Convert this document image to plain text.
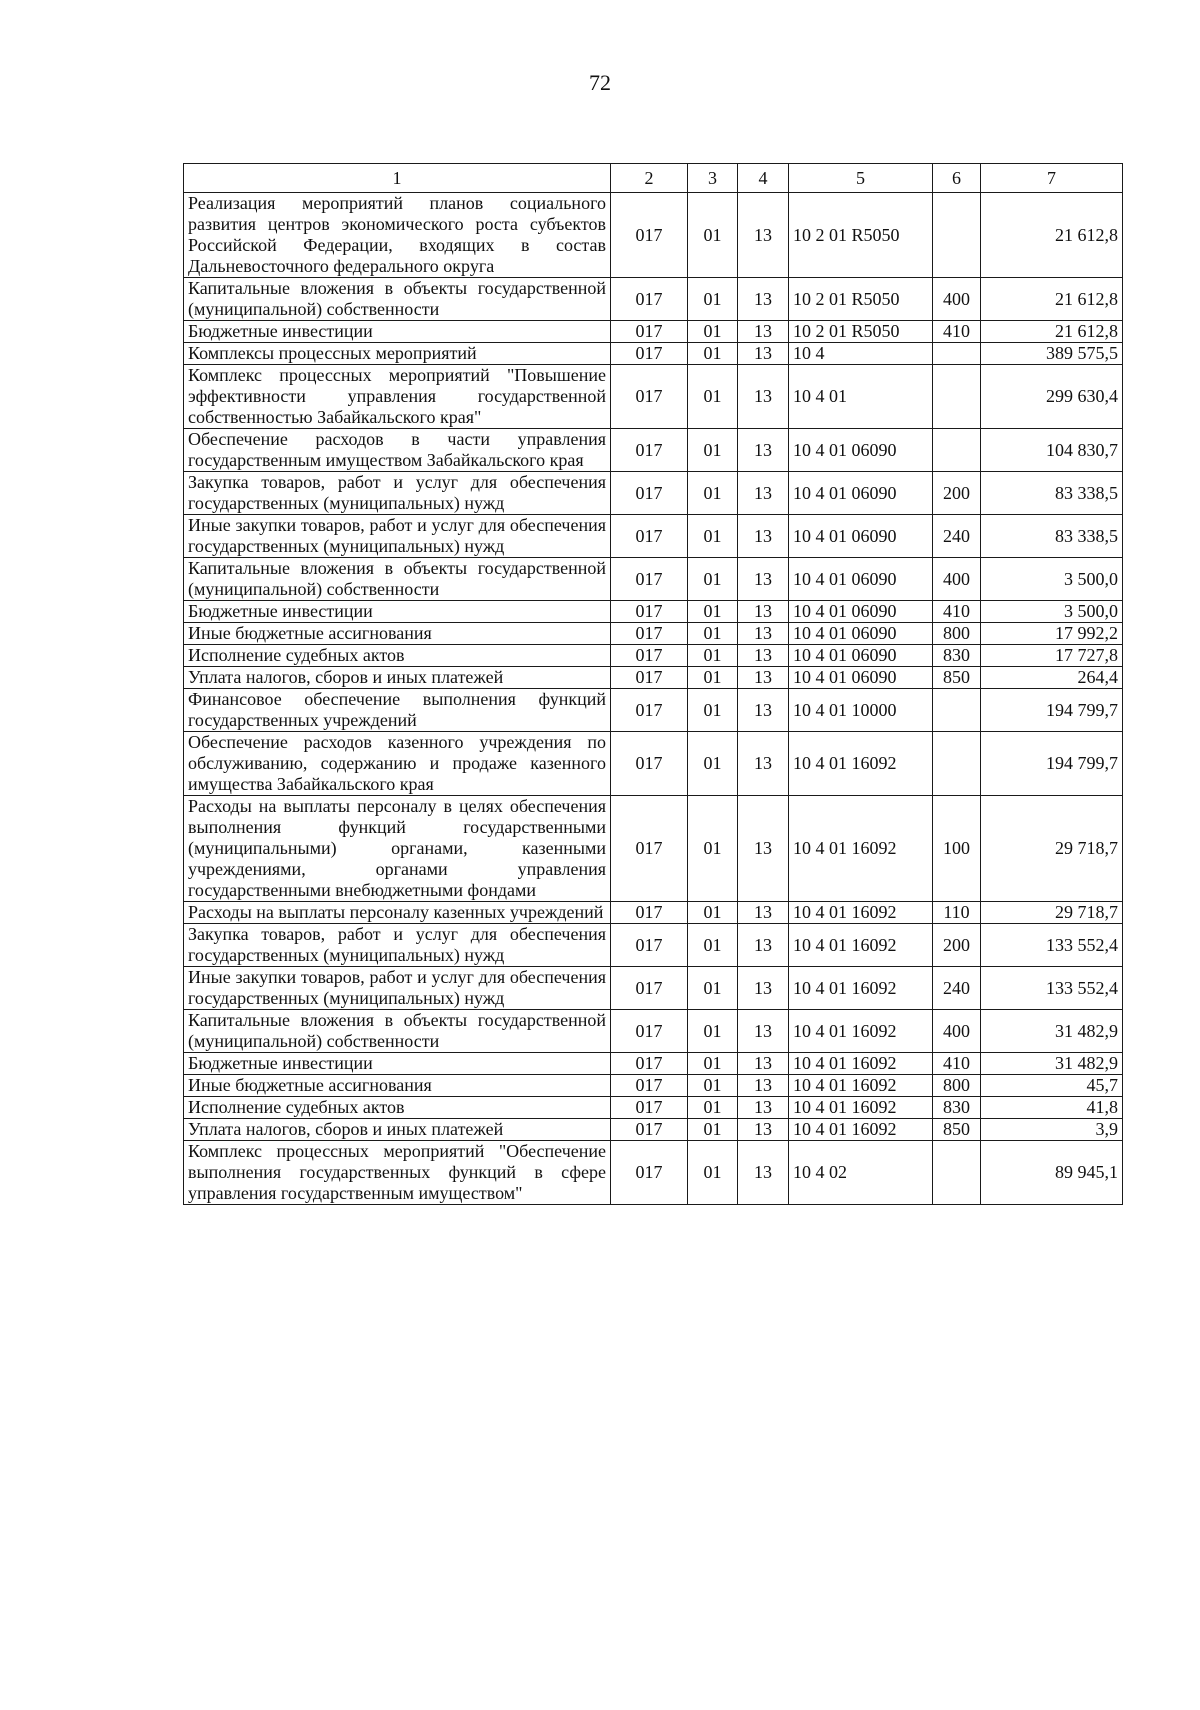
72
1	2	3	4	5	6	7
Реализация мероприятий планов социального развития центров экономического роста субъектов Российской Федерации, входящих в состав Дальневосточного федерального округа	017	01	13	10 2 01 R5050		21 612,8
Капитальные вложения в объекты государственной (муниципальной) собственности	017	01	13	10 2 01 R5050	400	21 612,8
Бюджетные инвестиции	017	01	13	10 2 01 R5050	410	21 612,8
Комплексы процессных мероприятий	017	01	13	10 4		389 575,5
Комплекс процессных мероприятий "Повышение эффективности управления государственной собственностью Забайкальского края"	017	01	13	10 4 01		299 630,4
Обеспечение расходов в части управления государственным имуществом Забайкальского края	017	01	13	10 4 01 06090		104 830,7
Закупка товаров, работ и услуг для обеспечения государственных (муниципальных) нужд	017	01	13	10 4 01 06090	200	83 338,5
Иные закупки товаров, работ и услуг для обеспечения государственных (муниципальных) нужд	017	01	13	10 4 01 06090	240	83 338,5
Капитальные вложения в объекты государственной (муниципальной) собственности	017	01	13	10 4 01 06090	400	3 500,0
Бюджетные инвестиции	017	01	13	10 4 01 06090	410	3 500,0
Иные бюджетные ассигнования	017	01	13	10 4 01 06090	800	17 992,2
Исполнение судебных актов	017	01	13	10 4 01 06090	830	17 727,8
Уплата налогов, сборов и иных платежей	017	01	13	10 4 01 06090	850	264,4
Финансовое обеспечение выполнения функций государственных учреждений	017	01	13	10 4 01 10000		194 799,7
Обеспечение расходов казенного учреждения по обслуживанию, содержанию и продаже казенного имущества Забайкальского края	017	01	13	10 4 01 16092		194 799,7
Расходы на выплаты персоналу в целях обеспечения выполнения функций государственными (муниципальными) органами, казенными учреждениями, органами управления государственными внебюджетными фондами	017	01	13	10 4 01 16092	100	29 718,7
Расходы на выплаты персоналу казенных учреждений	017	01	13	10 4 01 16092	110	29 718,7
Закупка товаров, работ и услуг для обеспечения государственных (муниципальных) нужд	017	01	13	10 4 01 16092	200	133 552,4
Иные закупки товаров, работ и услуг для обеспечения государственных (муниципальных) нужд	017	01	13	10 4 01 16092	240	133 552,4
Капитальные вложения в объекты государственной (муниципальной) собственности	017	01	13	10 4 01 16092	400	31 482,9
Бюджетные инвестиции	017	01	13	10 4 01 16092	410	31 482,9
Иные бюджетные ассигнования	017	01	13	10 4 01 16092	800	45,7
Исполнение судебных актов	017	01	13	10 4 01 16092	830	41,8
Уплата налогов, сборов и иных платежей	017	01	13	10 4 01 16092	850	3,9
Комплекс процессных мероприятий "Обеспечение выполнения государственных функций в сфере управления государственным имуществом"	017	01	13	10 4 02		89 945,1
